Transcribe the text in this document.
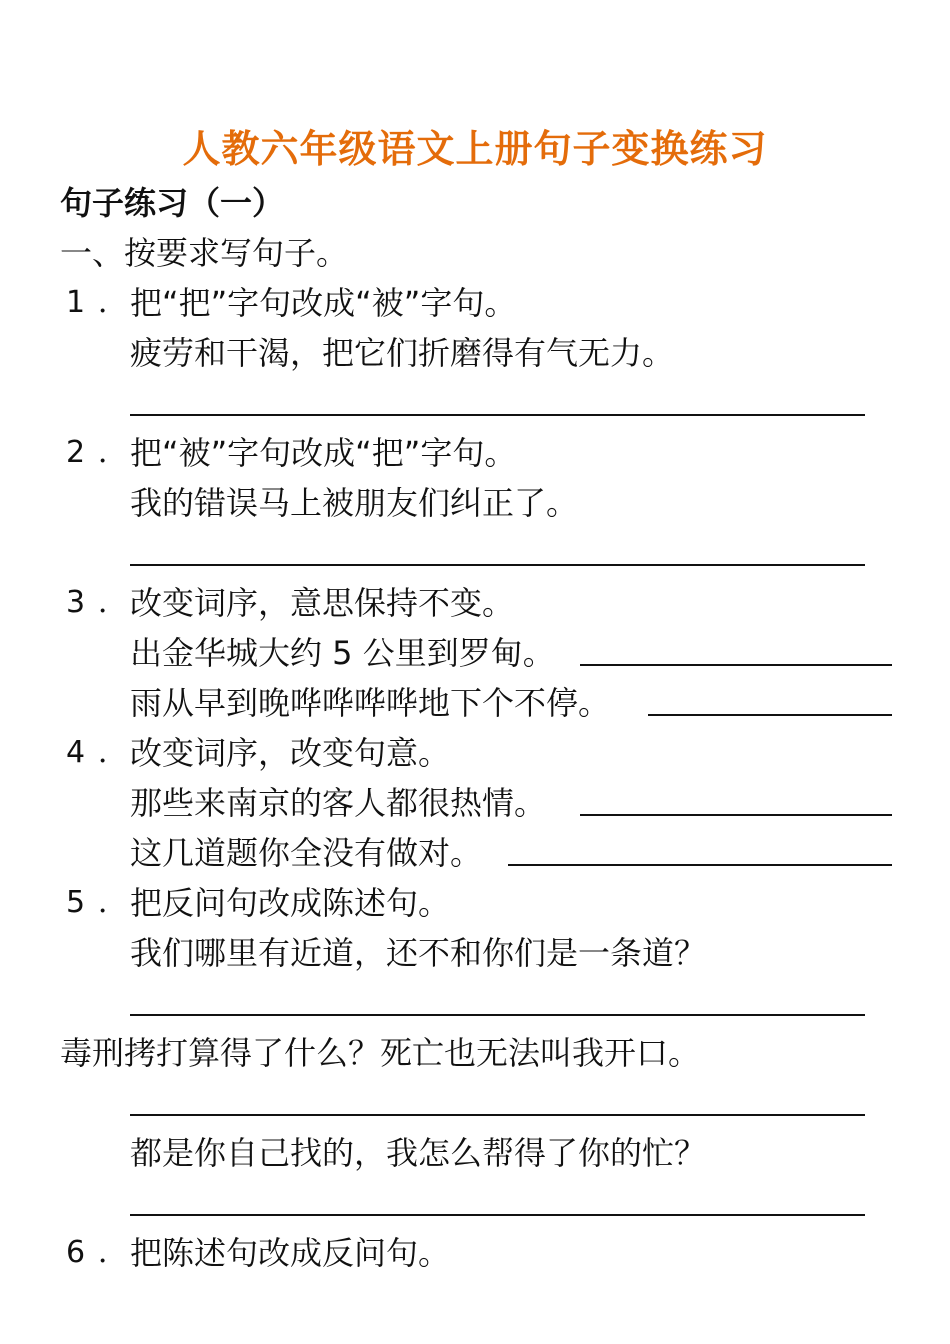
人教六年级语文上册句子变换练习
句子练习（一）
一、按要求写句子。
1 ． 把“把”字句改成“被”字句。
疲劳和干渴，把它们折磨得有气无力。
2 ． 把“被”字句改成“把”字句。
我的错误马上被朋友们纠正了。
3 ． 改变词序，意思保持不变。
出金华城大约 5 公里到罗甸。
雨从早到晚哗哗哗哗地下个不停。
4 ． 改变词序，改变句意。
那些来南京的客人都很热情。
这几道题你全没有做对。
5 ． 把反问句改成陈述句。
我们哪里有近道，还不和你们是一条道？
毒刑拷打算得了什么？死亡也无法叫我开口。
都是你自己找的，我怎么帮得了你的忙？
6 ． 把陈述句改成反问句。
